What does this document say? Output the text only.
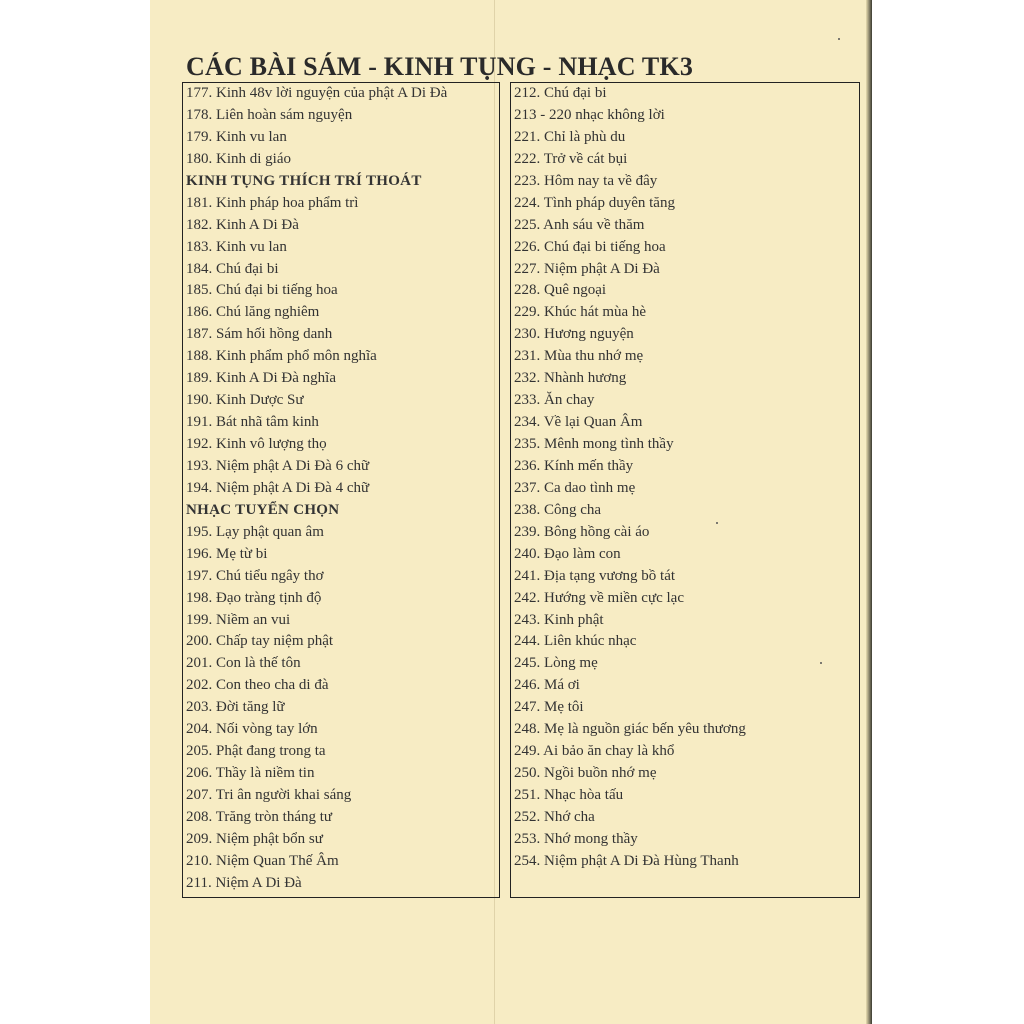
CÁC BÀI SÁM - KINH TỤNG - NHẠC TK3
177. Kinh 48v lời nguyện của phật A Di Đà
178. Liên hoàn sám nguyện
179. Kinh vu lan
180. Kinh di giáo
KINH TỤNG THÍCH TRÍ THOÁT
181. Kinh pháp hoa phẩm trì
182. Kinh A Di Đà
183. Kinh vu lan
184. Chú đại bi
185. Chú đại bi tiếng hoa
186. Chú lăng nghiêm
187. Sám hối hồng danh
188. Kinh phẩm phổ môn nghĩa
189. Kinh A Di Đà nghĩa
190. Kinh Dược Sư
191. Bát nhã tâm kinh
192. Kinh vô lượng thọ
193. Niệm phật A Di Đà 6 chữ
194. Niệm phật A Di Đà 4 chữ
NHẠC TUYỂN CHỌN
195. Lạy phật quan âm
196. Mẹ từ bi
197. Chú tiểu ngây thơ
198. Đạo tràng tịnh độ
199. Niềm an vui
200. Chấp tay niệm phật
201. Con là thế tôn
202. Con theo cha di đà
203. Đời tăng lữ
204. Nối vòng tay lớn
205. Phật đang trong ta
206. Thầy là niềm tin
207. Tri ân người khai sáng
208. Trăng tròn tháng tư
209. Niệm phật bổn sư
210. Niệm Quan Thế Âm
211. Niệm A Di Đà
212. Chú đại bi
213 - 220 nhạc không lời
221. Chỉ là phù du
222. Trở về cát bụi
223. Hôm nay ta về đây
224. Tình pháp duyên tăng
225. Anh sáu về thăm
226. Chú đại bi tiếng hoa
227. Niệm phật A Di Đà
228. Quê ngoại
229. Khúc hát mùa hè
230. Hương nguyện
231. Mùa thu nhớ mẹ
232. Nhành hương
233. Ăn chay
234. Về lại Quan Âm
235. Mênh mong tình thầy
236. Kính mến thầy
237. Ca dao tình mẹ
238. Công cha
239. Bông hồng cài áo
240. Đạo làm con
241. Địa tạng vương bồ tát
242. Hướng về miền cực lạc
243. Kinh phật
244. Liên khúc nhạc
245. Lòng mẹ
246. Má ơi
247. Mẹ tôi
248. Mẹ là nguồn giác bến yêu thương
249. Ai bảo ăn chay là khổ
250. Ngồi buồn nhớ mẹ
251. Nhạc hòa tấu
252. Nhớ cha
253. Nhớ mong thầy
254. Niệm phật A Di Đà Hùng Thanh
